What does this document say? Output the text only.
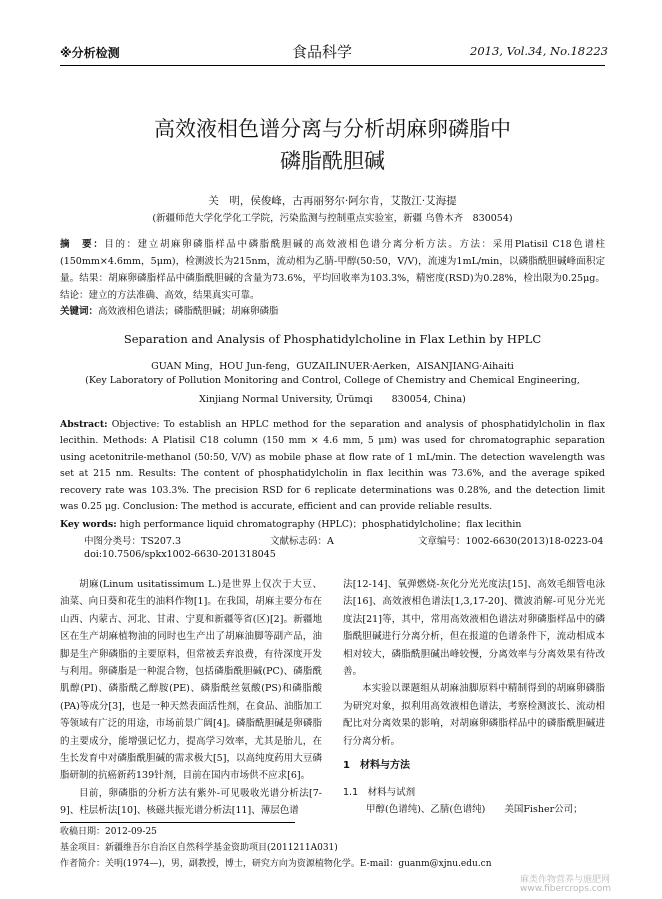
※分析检测	食品科学	2013, Vol.34, No.18 223
高效液相色谱分离与分析胡麻卵磷脂中
磷脂酰胆碱
关　明，侯俊峰，古再丽努尔·阿尔肯，艾散江·艾海提
(新疆师范大学化学化工学院，污染监测与控制重点实验室，新疆 乌鲁木齐　830054)
摘　要：目的：建立胡麻卵磷脂样品中磷脂酰胆碱的高效液相色谱分离分析方法。方法：采用Platisil C18色谱柱(150mm×4.6mm，5μm)，检测波长为215nm，流动相为乙腈-甲醇(50:50，V/V)，流速为1mL/min，以磷脂酰胆碱峰面积定量。结果：胡麻卵磷脂样品中磷脂酰胆碱的含量为73.6%，平均回收率为103.3%，精密度(RSD)为0.28%，检出限为0.25μg。结论：建立的方法准确、高效，结果真实可靠。
关键词：高效液相色谱法；磷脂酰胆碱；胡麻卵磷脂
Separation and Analysis of Phosphatidylcholine in Flax Lethin by HPLC
GUAN Ming，HOU Jun-feng，GUZAILINUER·Aerken，AISANJIANG·Aihaiti
(Key Laboratory of Pollution Monitoring and Control, College of Chemistry and Chemical Engineering,
Xinjiang Normal University, Ürümqi　　830054, China)
Abstract: Objective: To establish an HPLC method for the separation and analysis of phosphatidylcholin in flax lecithin. Methods: A Platisil C18 column (150 mm × 4.6 mm, 5 μm) was used for chromatographic separation using acetonitrile-methanol (50:50, V/V) as mobile phase at flow rate of 1 mL/min. The detection wavelength was set at 215 nm. Results: The content of phosphatidylcholin in flax lecithin was 73.6%, and the average spiked recovery rate was 103.3%. The precision RSD for 6 replicate determinations was 0.28%, and the detection limit was 0.25 μg. Conclusion: The method is accurate, efficient and can provide reliable results.
Key words: high performance liquid chromatography (HPLC)；phosphatidylcholine；flax lecithin
中图分类号：TS207.3	文献标志码：A	文章编号：1002-6630(2013)18-0223-04
doi:10.7506/spkx1002-6630-201318045
胡麻(Linum usitatissimum L.)是世界上仅次于大豆、油菜、向日葵和花生的油料作物[1]。在我国，胡麻主要分布在山西、内蒙古、河北、甘肃、宁夏和新疆等省(区)[2]。新疆地区在生产胡麻植物油的同时也生产出了胡麻油脚等副产品，油脚是生产卵磷脂的主要原料，但常被丢弃浪费，有待深度开发与利用。卵磷脂是一种混合物，包括磷脂酰胆碱(PC)、磷脂酰肌醇(PI)、磷脂酰乙醇胺(PE)、磷脂酰丝氨酸(PS)和磷脂酸(PA)等成分[3]，也是一种天然表面活性剂，在食品、油脂加工等领域有广泛的用途，市场前景广阔[4]。磷脂酰胆碱是卵磷脂的主要成分，能增强记忆力，提高学习效率，尤其是胎儿，在生长发育中对磷脂酰胆碱的需求极大[5]，以高纯度药用大豆磷脂研制的抗癌新药139针剂，目前在国内市场供不应求[6]。
目前，卵磷脂的分析方法有紫外-可见吸收光谱分析法[7-9]、柱层析法[10]、核磁共振光谱分析法[11]、薄层色谱
法[12-14]、氧弹燃烧-灰化分光光度法[15]、高效毛细管电泳法[16]、高效液相色谱法[1,3,17-20]、微波消解-可见分光光度法[21]等，其中，常用高效液相色谱法对卵磷脂样品中的磷脂酰胆碱进行分离分析，但在报道的色谱条件下，流动相成本相对较大，磷脂酰胆碱出峰较慢，分离效率与分离效果有待改善。
本实验以课题组从胡麻油脚原料中精制得到的胡麻卵磷脂为研究对象，拟利用高效液相色谱法，考察检测波长、流动相配比对分离效果的影响，对胡麻卵磷脂样品中的磷脂酰胆碱进行分离分析。
1　材料与方法
1.1　材料与试剂
甲醇(色谱纯)、乙腈(色谱纯)　　美国Fisher公司；
收稿日期：2012-09-25
基金项目：新疆维吾尔自治区自然科学基金资助项目(2011211A031)
作者简介：关明(1974—)，男，副教授，博士，研究方向为资源植物化学。E-mail：guanm@xjnu.edu.cn
麻类作物营养与施肥网
www.fibercrops.com
